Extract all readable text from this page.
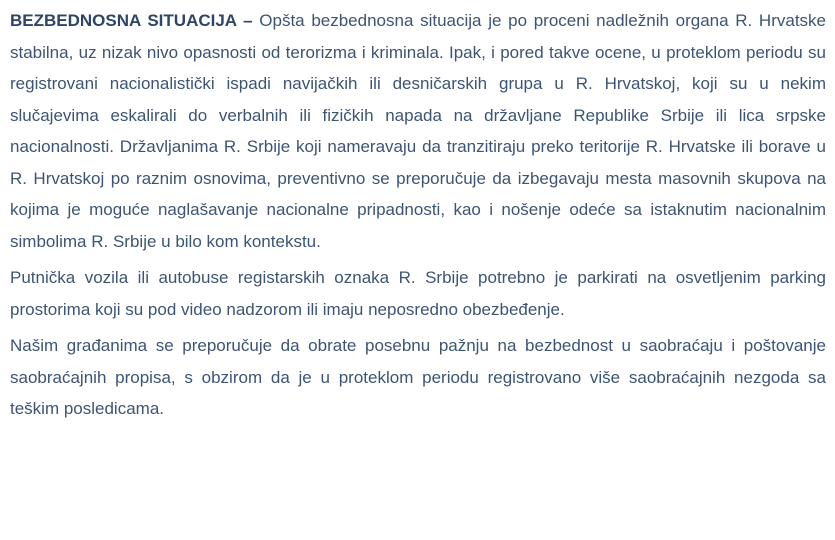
BEZBEDNOSNA SITUACIJA – Opšta bezbednosna situacija je po proceni nadležnih organa R. Hrvatske stabilna, uz nizak nivo opasnosti od terorizma i kriminala. Ipak, i pored takve ocene, u proteklom periodu su registrovani nacionalistički ispadi navijačkih ili desničarskih grupa u R. Hrvatskoj, koji su u nekim slučajevima eskalirali do verbalnih ili fizičkih napada na državljane Republike Srbije ili lica srpske nacionalnosti. Državljanima R. Srbije koji nameravaju da tranzitiraju preko teritorije R. Hrvatske ili borave u R. Hrvatskoj po raznim osnovima, preventivno se preporučuje da izbegavaju mesta masovnih skupova na kojima je moguće naglašavanje nacionalne pripadnosti, kao i nošenje odeće sa istaknutim nacionalnim simbolima R. Srbije u bilo kom kontekstu.

Putnička vozila ili autobuse registarskih oznaka R. Srbije potrebno je parkirati na osvetljenim parking prostorima koji su pod video nadzorom ili imaju neposredno obezbeđenje.

Našim građanima se preporučuje da obrate posebnu pažnju na bezbednost u saobraćaju i poštovanje saobraćajnih propisa, s obzirom da je u proteklom periodu registrovano više saobraćajnih nezgoda sa teškim posledicama.
